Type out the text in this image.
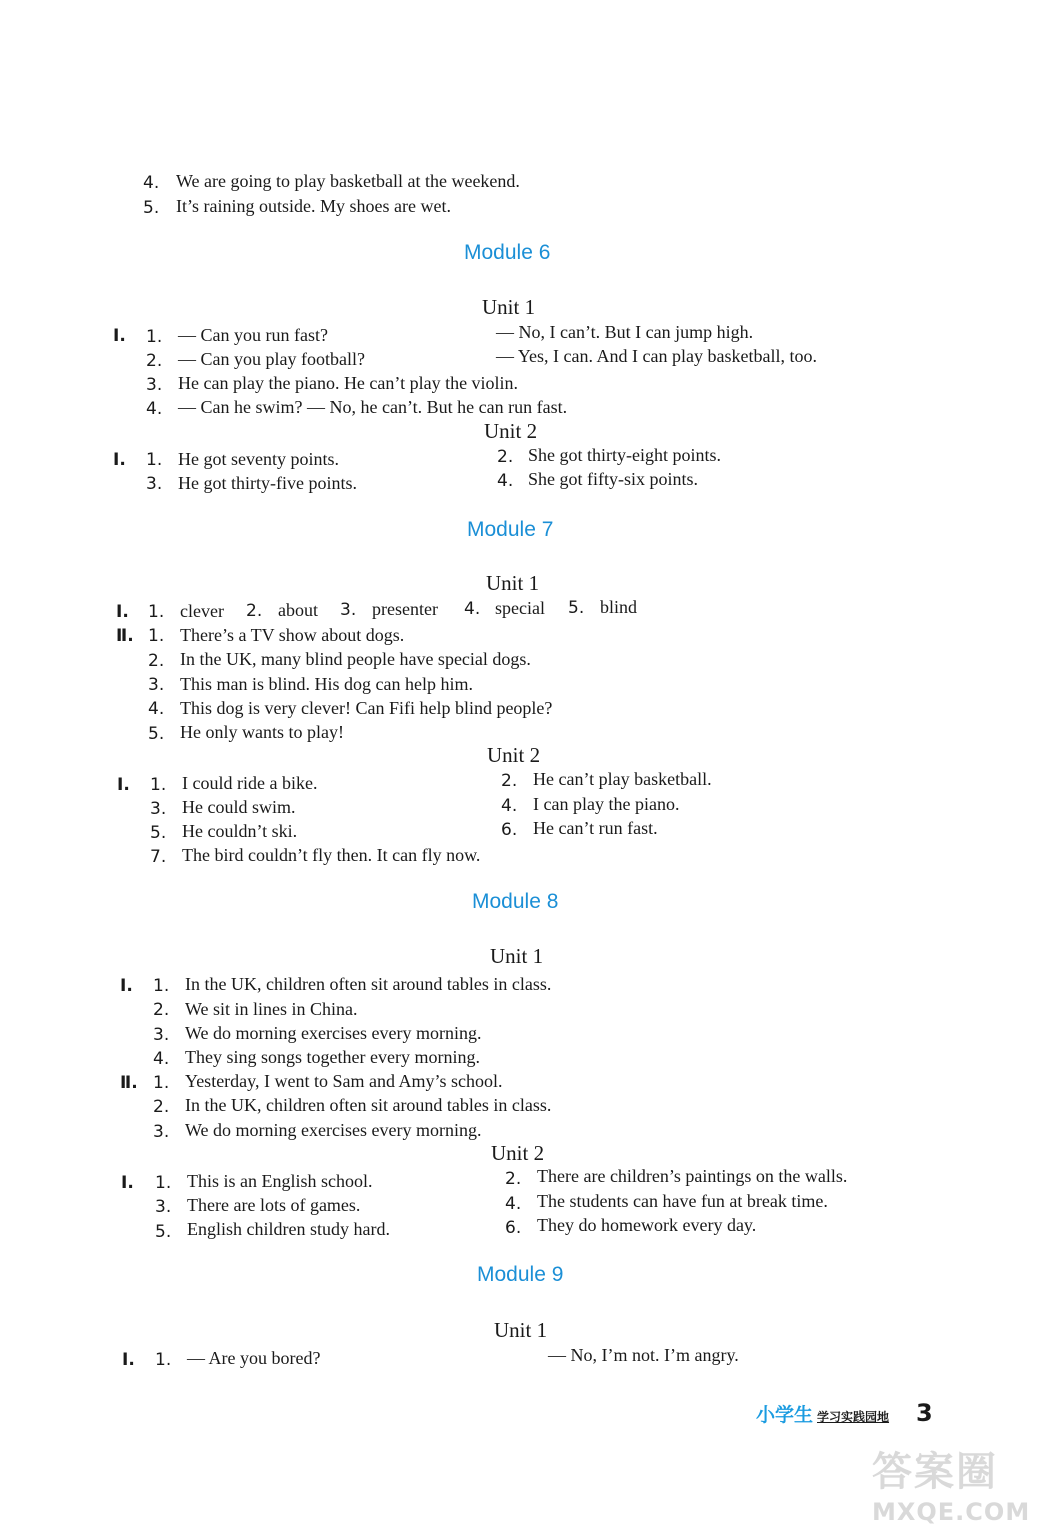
4. We are going to play basketball at the weekend.
5. It’s raining outside. My shoes are wet.
Module 6
Unit 1
Ⅰ. 1. — Can you run fast?	— No, I can’t. But I can jump high.
2. — Can you play football?	— Yes, I can. And I can play basketball, too.
3. He can play the piano. He can’t play the violin.
4. — Can he swim? — No, he can’t. But he can run fast.
Unit 2
Ⅰ. 1. He got seventy points.	2. She got thirty-eight points.
3. He got thirty-five points.	4. She got fifty-six points.
Module 7
Unit 1
Ⅰ. 1. clever 2. about 3. presenter 4. special 5. blind
Ⅱ. 1. There’s a TV show about dogs.
2. In the UK, many blind people have special dogs.
3. This man is blind. His dog can help him.
4. This dog is very clever! Can Fifi help blind people?
5. He only wants to play!
Unit 2
Ⅰ. 1. I could ride a bike.	2. He can’t play basketball.
3. He could swim.	4. I can play the piano.
5. He couldn’t ski.	6. He can’t run fast.
7. The bird couldn’t fly then. It can fly now.
Module 8
Unit 1
Ⅰ. 1. In the UK, children often sit around tables in class.
2. We sit in lines in China.
3. We do morning exercises every morning.
4. They sing songs together every morning.
Ⅱ. 1. Yesterday, I went to Sam and Amy’s school.
2. In the UK, children often sit around tables in class.
3. We do morning exercises every morning.
Unit 2
Ⅰ. 1. This is an English school.	2. There are children’s paintings on the walls.
3. There are lots of games.	4. The students can have fun at break time.
5. English children study hard.	6. They do homework every day.
Module 9
Unit 1
Ⅰ. 1. — Are you bored?	— No, I’m not. I’m angry.
小学生 学习实践园地 3
答案圈
MXQE.COM
